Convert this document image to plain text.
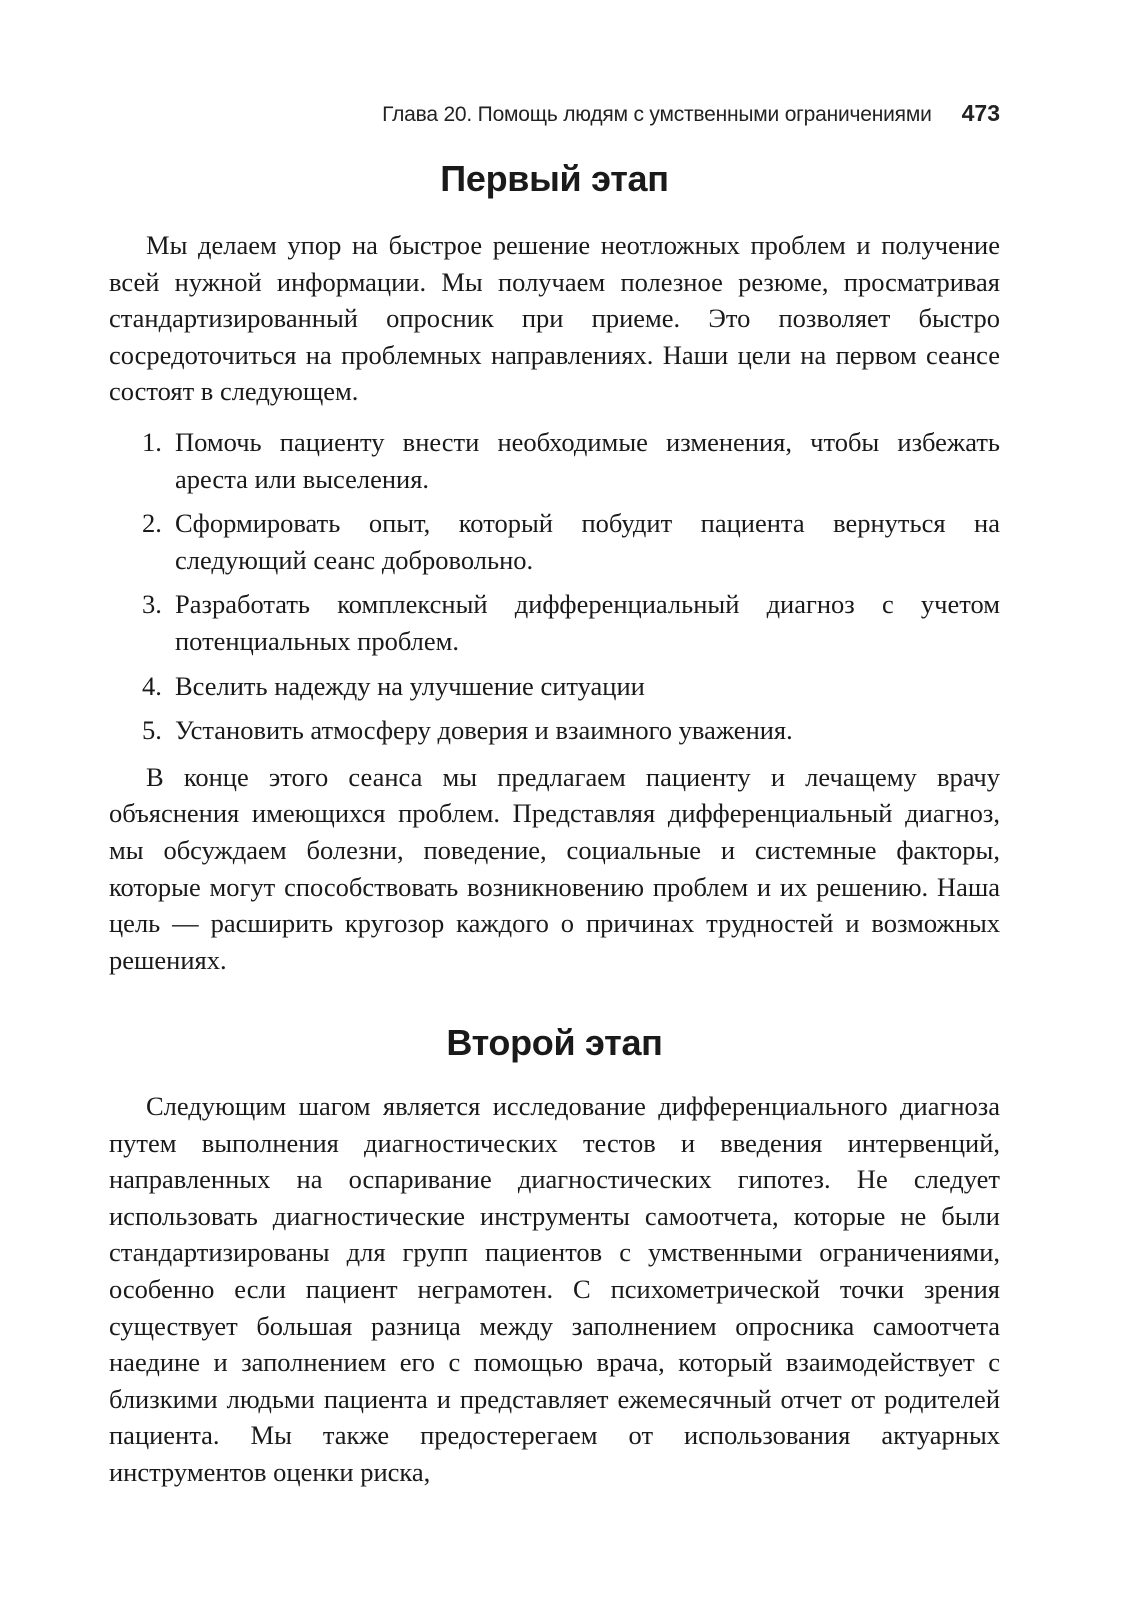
Глава 20. Помощь людям с умственными ограничениями 473
Первый этап

Мы делаем упор на быстрое решение неотложных проблем и получение всей нужной информации. Мы получаем полезное резюме, просматривая стандартизированный опросник при приеме. Это позволяет быстро сосредоточиться на проблемных направлениях. Наши цели на первом сеансе состоят в следующем.

1. Помочь пациенту внести необходимые изменения, чтобы избежать ареста или выселения.
2. Сформировать опыт, который побудит пациента вернуться на следующий сеанс добровольно.
3. Разработать комплексный дифференциальный диагноз с учетом потенциальных проблем.
4. Вселить надежду на улучшение ситуации
5. Установить атмосферу доверия и взаимного уважения.

В конце этого сеанса мы предлагаем пациенту и лечащему врачу объяснения имеющихся проблем. Представляя дифференциальный диагноз, мы обсуждаем болезни, поведение, социальные и системные факторы, которые могут способствовать возникновению проблем и их решению. Наша цель — расширить кругозор каждого о причинах трудностей и возможных решениях.

Второй этап

Следующим шагом является исследование дифференциального диагноза путем выполнения диагностических тестов и введения интервенций, направленных на оспаривание диагностических гипотез. Не следует использовать диагностические инструменты самоотчета, которые не были стандартизированы для групп пациентов с умственными ограничениями, особенно если пациент неграмотен. С психометрической точки зрения существует большая разница между заполнением опросника самоотчета наедине и заполнением его с помощью врача, который взаимодействует с близкими людьми пациента и представляет ежемесячный отчет от родителей пациента. Мы также предостерегаем от использования актуарных инструментов оценки риска,
